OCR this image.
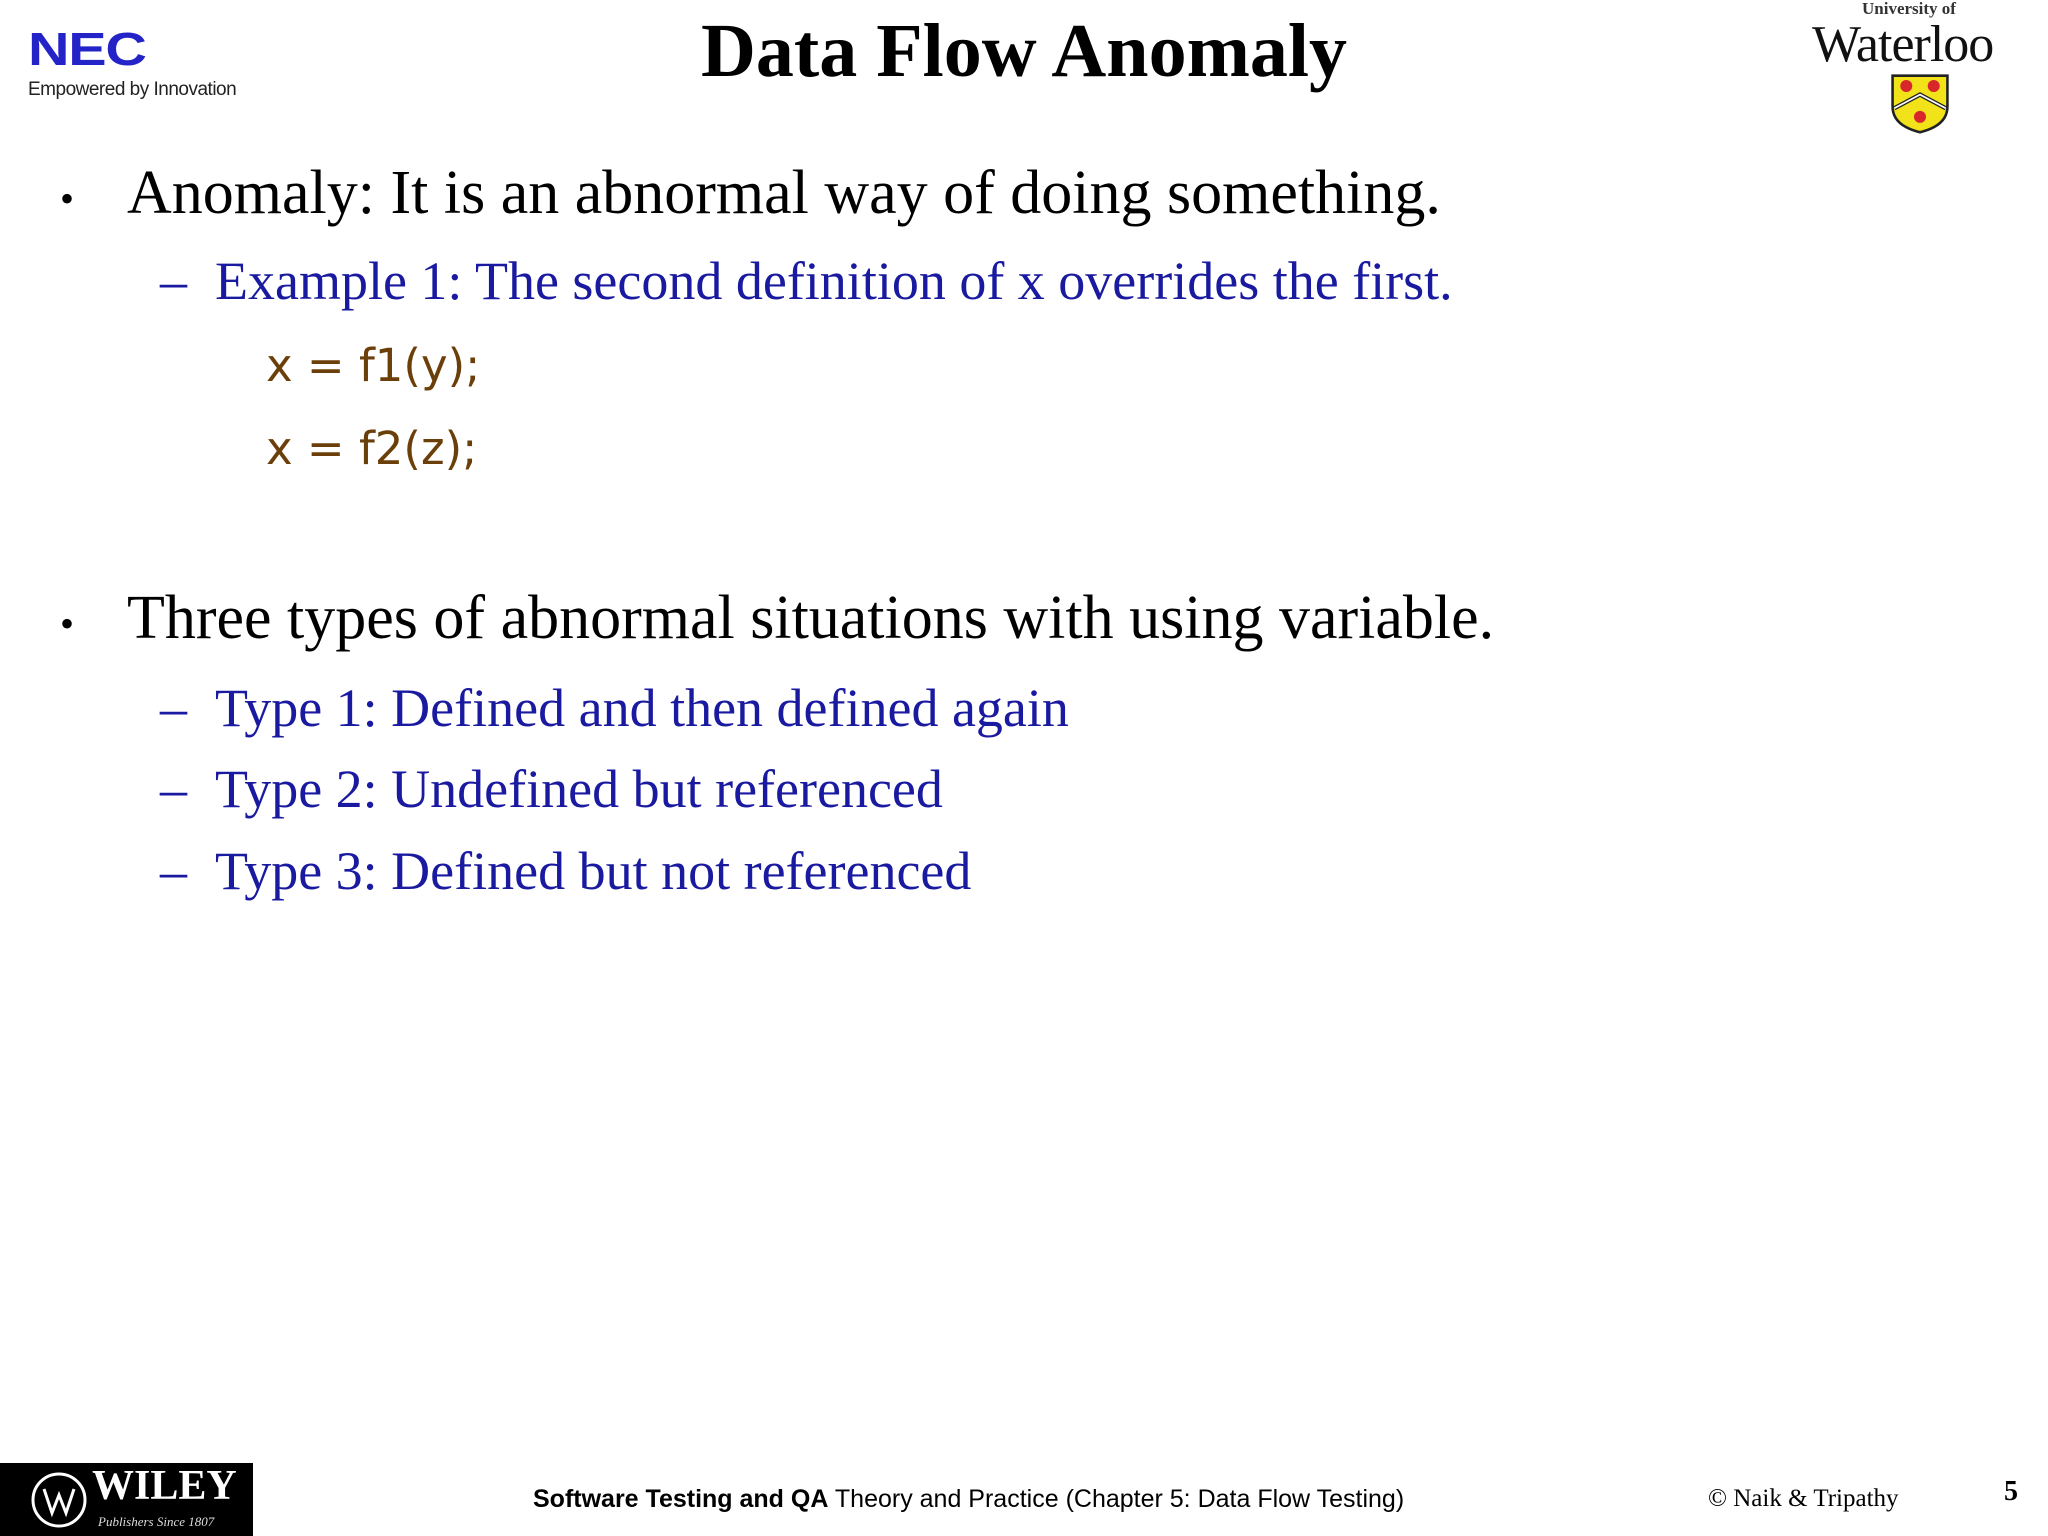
NEC
Empowered by Innovation	Data Flow Anomaly
University of
Waterloo
• Anomaly: It is an abnormal way of doing something.
– Example 1: The second definition of x overrides the first.
x = f1(y);
x = f2(z);
• Three types of abnormal situations with using variable.
– Type 1: Defined and then defined again
– Type 2: Undefined but referenced
– Type 3: Defined but not referenced
WILEY
Publishers Since 1807
Software Testing and QA Theory and Practice (Chapter 5: Data Flow Testing)	© Naik & Tripathy	5
